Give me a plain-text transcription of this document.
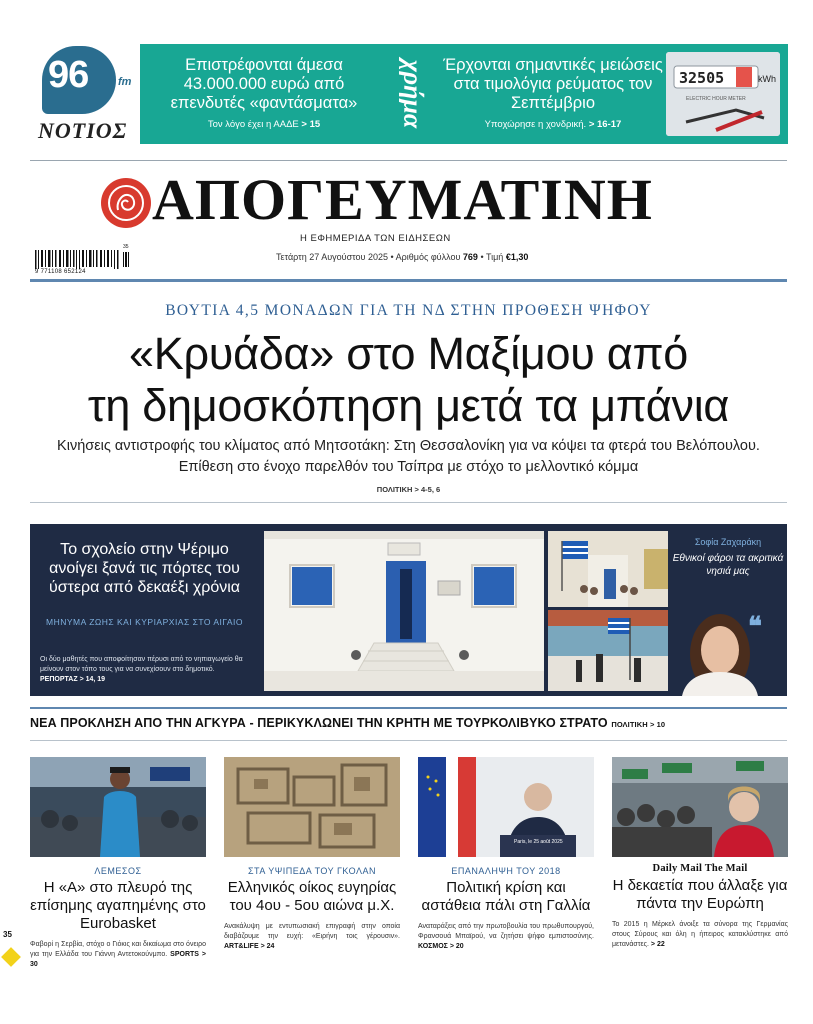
96	fm
ΝΟΤΙΟΣ
Επιστρέφονται άμεσα 43.000.000 ευρώ από επενδυτές «φαντάσματα»
Τον λόγο έχει η ΑΑΔΕ > 15	χρήμα Έρχονται σημαντικές μειώσεις στα τιμολόγια ρεύματος τον Σεπτέμβριο
Υποχώρησε η χονδρική. > 16-17
32505	kWh
ELECTRIC HOUR METER
ΑΠΟΓΕΥΜΑΤΙΝΗ
Η ΕΦΗΜΕΡΙΔΑ ΤΩΝ ΕΙΔΗΣΕΩΝ
9 771108 652124
35
Τετάρτη 27 Αυγούστου 2025 • Αριθμός φύλλου 769 • Τιμή €1,30
ΒΟΥΤΙΑ 4,5 ΜΟΝΑΔΩΝ ΓΙΑ ΤΗ ΝΔ ΣΤΗΝ ΠΡΟΘΕΣΗ ΨΗΦΟΥ
«Κρυάδα» στο Μαξίμου από
τη δημοσκόπηση μετά τα μπάνια
Κινήσεις αντιστροφής του κλίματος από Μητσοτάκη: Στη Θεσσαλονίκη για να κόψει τα φτερά του Βελόπουλου. Επίθεση στο ένοχο παρελθόν του Τσίπρα με στόχο το μελλοντικό κόμμα
ΠΟΛΙΤΙΚΗ > 4-5, 6
Το σχολείο στην Ψέριμο ανοίγει ξανά τις πόρτες του ύστερα από δεκαέξι χρόνια
ΜΗΝΥΜΑ ΖΩΗΣ ΚΑΙ ΚΥΡΙΑΡΧΙΑΣ ΣΤΟ ΑΙΓΑΙΟ
Οι δύο μαθητές που αποφοίτησαν πέρυσι από το νηπιαγωγείο θα μείνουν στον τόπο τους για να συνεχίσουν στο δημοτικό. ΡΕΠΟΡΤΑΖ > 14, 19
Σοφία Ζαχαράκη
Εθνικοί φάροι τα ακριτικά νησιά μας
❝
ΝΕΑ ΠΡΟΚΛΗΣΗ ΑΠΟ ΤΗΝ ΑΓΚΥΡΑ - ΠΕΡΙΚΥΚΛΩΝΕΙ ΤΗΝ ΚΡΗΤΗ ΜΕ ΤΟΥΡΚΟΛΙΒΥΚΟ ΣΤΡΑΤΟ ΠΟΛΙΤΙΚΗ > 10
ΛΕΜΕΣΟΣ
Η «Α» στο πλευρό της επίσημης αγαπημένης στο Eurobasket
Φαβορί η Σερβία, στόχο ο Γιόκις και δικαίωμα στο όνειρο για την Ελλάδα του Γιάννη Αντετοκούνμπο. SPORTS > 30
ΣΤΑ ΥΨΙΠΕΔΑ ΤΟΥ ΓΚΟΛΑΝ
Ελληνικός οίκος ευγηρίας του 4ου - 5ου αιώνα μ.Χ.
Ανακάλυψη με εντυπωσιακή επιγραφή στην οποία διαβάζουμε την ευχή: «Ειρήνη τοις γέρουσιν». ART&LIFE > 24
Paris, le 25 août 2025
ΕΠΑΝΑΛΗΨΗ ΤΟΥ 2018
Πολιτική κρίση και αστάθεια πάλι στη Γαλλία
Αναταράξεις από την πρωτοβουλία του πρωθυπουργού, Φρανσουά Μπαϊρού, να ζητήσει ψήφο εμπιστοσύνης. ΚΟΣΜΟΣ > 20
Daily Mail The Mail
Η δεκαετία που άλλαξε για πάντα την Ευρώπη
Το 2015 η Μέρκελ άνοιξε τα σύνορα της Γερμανίας στους Σύρους και όλη η ήπειρος κατακλύστηκε από μετανάστες. > 22
35
